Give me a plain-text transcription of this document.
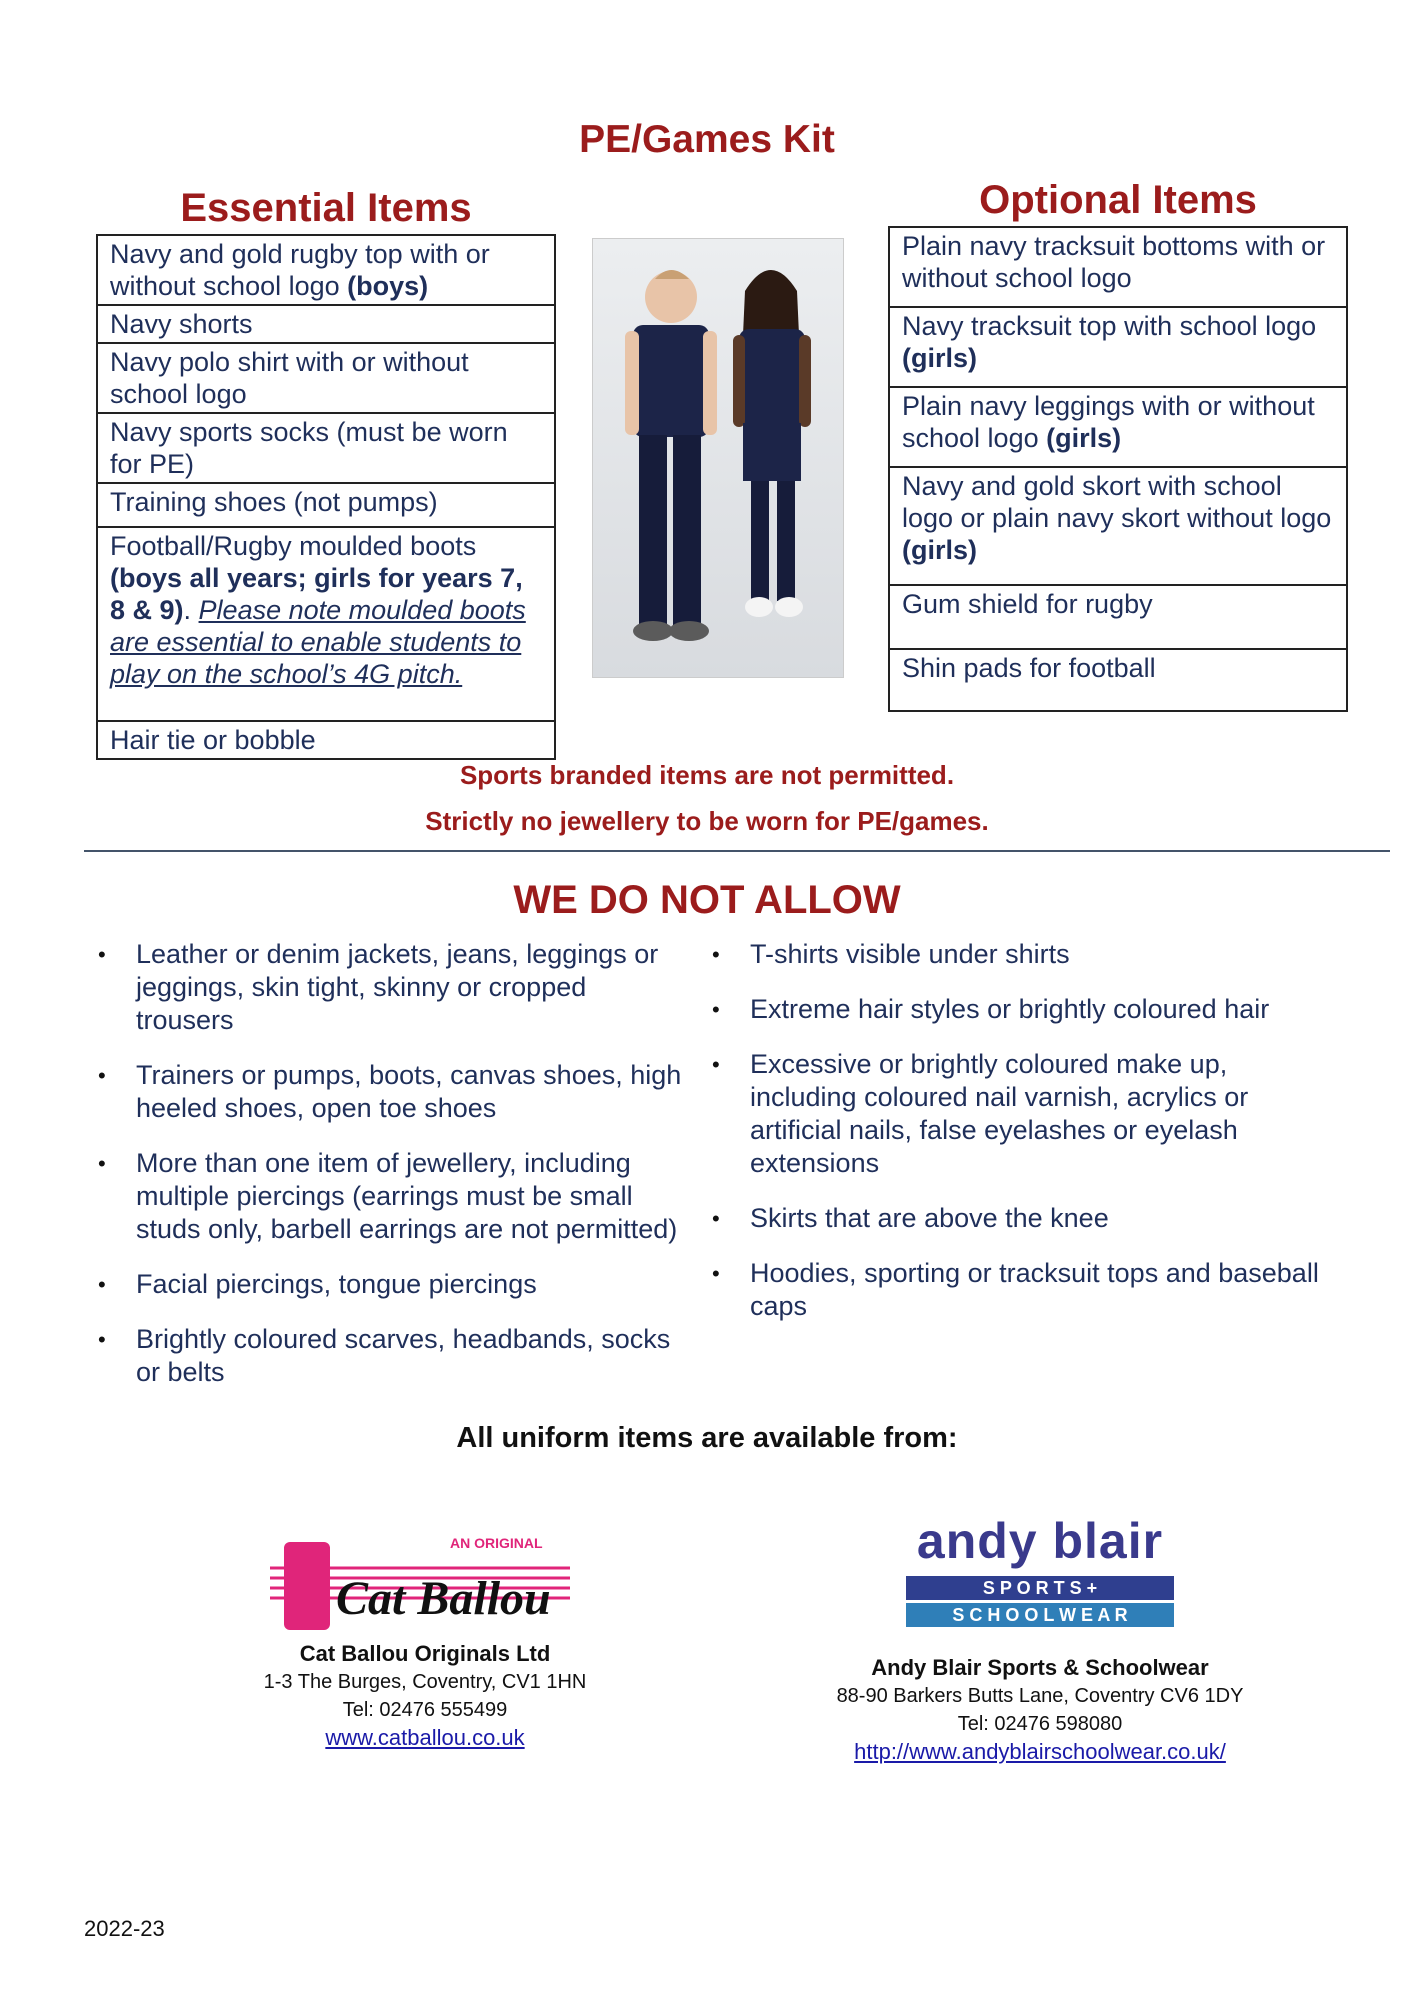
PE/Games Kit
Essential Items
Navy and gold rugby top with or without school logo (boys)
Navy shorts
Navy polo shirt with or without school logo
Navy sports socks (must be worn for PE)
Training shoes (not pumps)
Football/Rugby moulded boots (boys all years; girls for years 7, 8 & 9). Please note moulded boots are essential to enable students to play on the school’s 4G pitch.
Hair tie or bobble
Optional Items
Plain navy tracksuit bottoms with or without school logo
Navy tracksuit top with school logo (girls)
Plain navy leggings with or without school logo (girls)
Navy and gold skort with school logo or plain navy skort without logo (girls)
Gum shield for rugby
Shin pads for football
Sports branded items are not permitted.
Strictly no jewellery to be worn for PE/games.
WE DO NOT ALLOW
• Leather or denim jackets, jeans, leggings or jeggings, skin tight, skinny or cropped trousers
• Trainers or pumps, boots, canvas shoes, high heeled shoes, open toe shoes
• More than one item of jewellery, including multiple piercings (earrings must be small studs only, barbell earrings are not permitted)
• Facial piercings, tongue piercings
• Brightly coloured scarves, headbands, socks or belts
• T-shirts visible under shirts
• Extreme hair styles or brightly coloured hair
• Excessive or brightly coloured make up, including coloured nail varnish, acrylics or artificial nails, false eyelashes or eyelash extensions
• Skirts that are above the knee
• Hoodies, sporting or tracksuit tops and baseball caps
All uniform items are available from:
AN ORIGINAL
Cat Ballou
Cat Ballou Originals Ltd
1-3 The Burges, Coventry, CV1 1HN
Tel: 02476 555499
www.catballou.co.uk
andy blair
S P O R T S +
S C H O O L W E A R
Andy Blair Sports & Schoolwear
88-90 Barkers Butts Lane, Coventry CV6 1DY
Tel: 02476 598080
http://www.andyblairschoolwear.co.uk/
2022-23
